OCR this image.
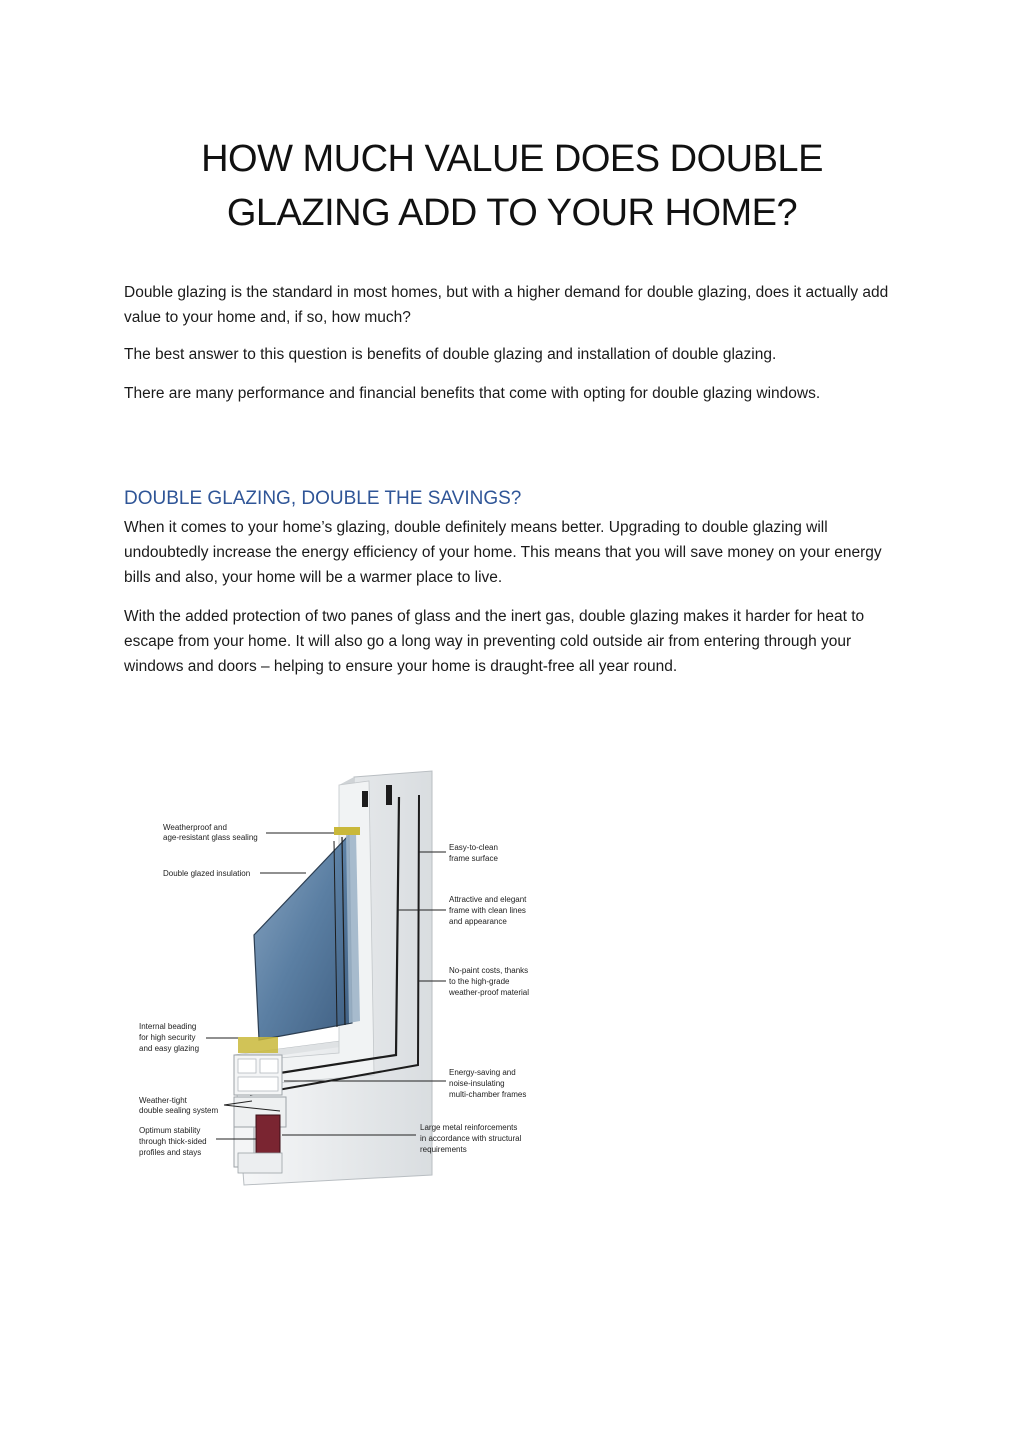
HOW MUCH VALUE DOES DOUBLE
GLAZING ADD TO YOUR HOME?

Double glazing is the standard in most homes, but with a higher demand for double glazing, does it actually add value to your home and, if so, how much?

The best answer to this question is benefits of double glazing and installation of double glazing.

There are many performance and financial benefits that come with opting for double glazing windows.

DOUBLE GLAZING, DOUBLE THE SAVINGS?

When it comes to your home’s glazing, double definitely means better. Upgrading to double glazing will undoubtedly increase the energy efficiency of your home. This means that you will save money on your energy bills and also, your home will be a warmer place to live.

With the added protection of two panes of glass and the inert gas, double glazing makes it harder for heat to escape from your home. It will also go a long way in preventing cold outside air from entering through your windows and doors – helping to ensure your home is draught-free all year round.

Weatherproof and age-resistant glass sealing
Double glazed insulation
Internal beading for high security and easy glazing
Weather-tight double sealing system
Optimum stability through thick-sided profiles and stays
Easy-to-clean frame surface
Attractive and elegant frame with clean lines and appearance
No-paint costs, thanks to the high-grade weather-proof material
Energy-saving and noise-insulating multi-chamber frames
Large metal reinforcements in accordance with structural requirements
